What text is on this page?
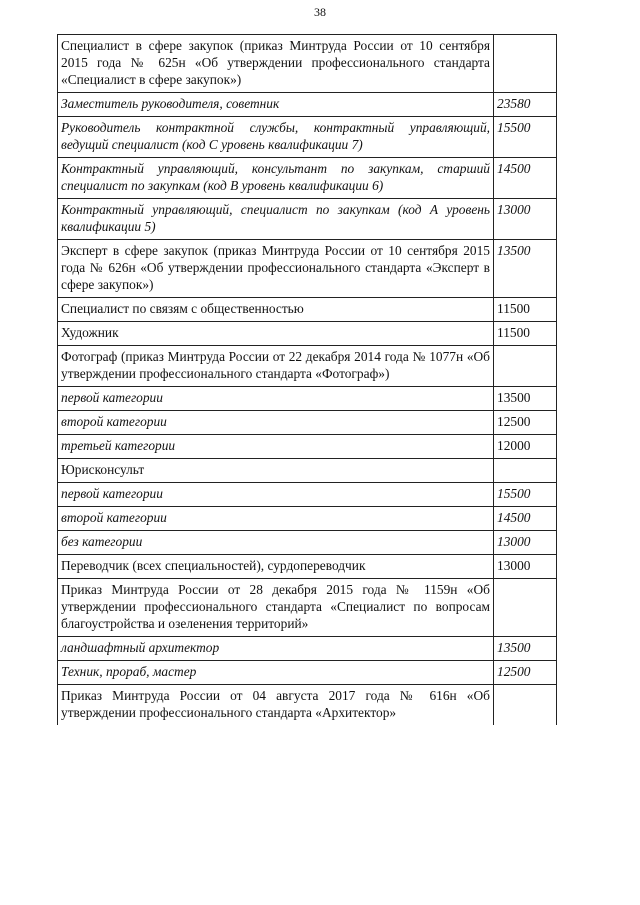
38
Специалист в сфере закупок (приказ Минтруда России от 10 сентября 2015 года № 625н «Об утверждении профессионального стандарта «Специалист в сфере закупок»)	
Заместитель руководителя, советник	23580
Руководитель контрактной службы, контрактный управляющий, ведущий специалист (код С уровень квалификации 7)	15500
Контрактный управляющий, консультант по закупкам, старший специалист по закупкам (код В уровень квалификации 6)	14500
Контрактный управляющий, специалист по закупкам (код А уровень квалификации 5)	13000
Эксперт в сфере закупок (приказ Минтруда России от 10 сентября 2015 года № 626н «Об утверждении профессионального стандарта «Эксперт в сфере закупок»)	13500
Специалист по связям с общественностью	11500
Художник	11500
Фотограф (приказ Минтруда России от 22 декабря 2014 года № 1077н «Об утверждении профессионального стандарта «Фотограф»)	
первой категории	13500
второй категории	12500
третьей категории	12000
Юрисконсульт	
первой категории	15500
второй категории	14500
без категории	13000
Переводчик (всех специальностей), сурдопереводчик	13000
Приказ Минтруда России от 28 декабря 2015 года № 1159н «Об утверждении профессионального стандарта «Специалист по вопросам благоустройства и озеленения территорий»	
ландшафтный архитектор	13500
Техник, прораб, мастер	12500
Приказ Минтруда России от 04 августа 2017 года № 616н «Об утверждении профессионального стандарта «Архитектор»	
